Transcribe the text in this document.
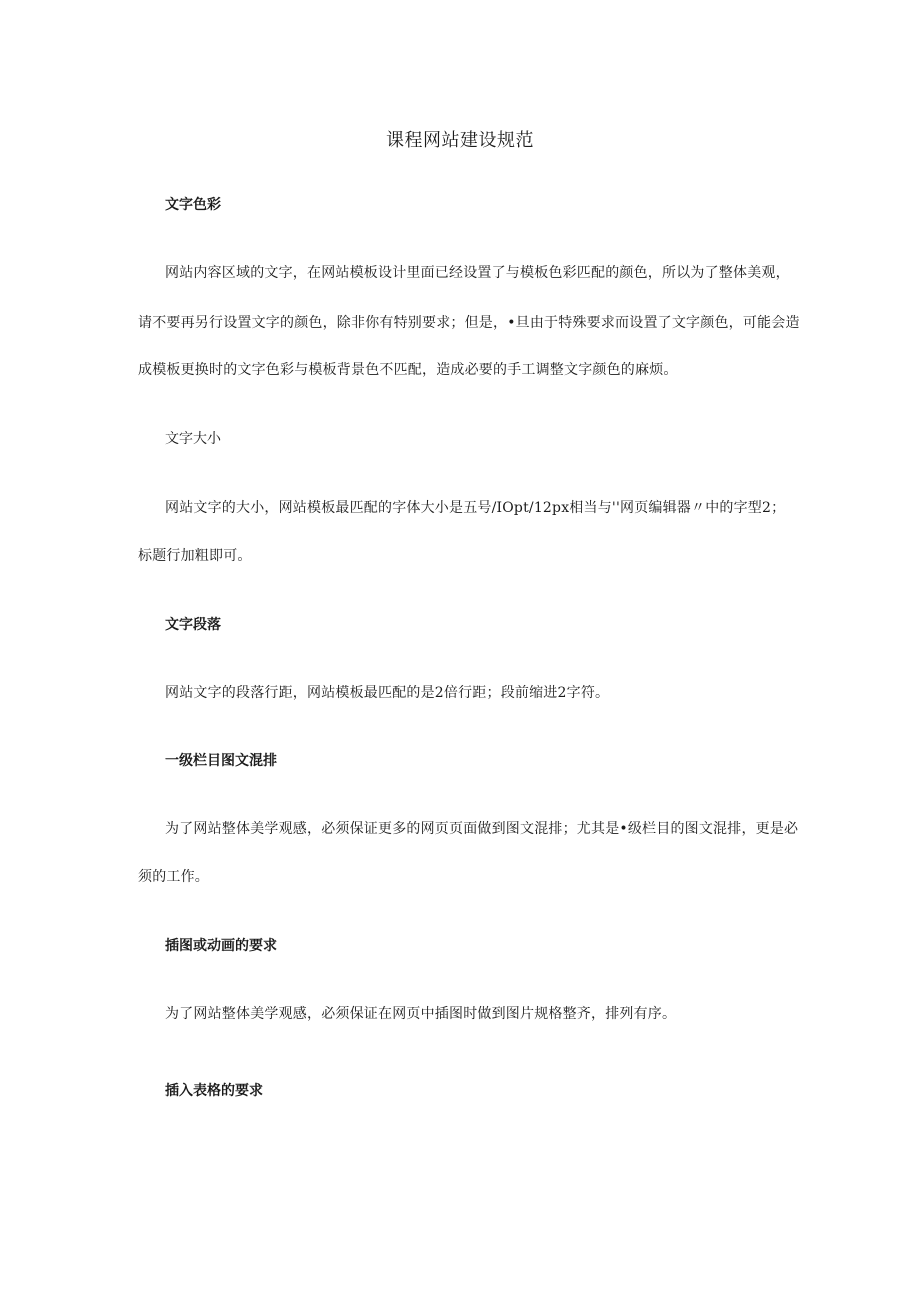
课程网站建设规范
文字色彩
网站内容区域的文字，在网站模板设计里面已经设置了与模板色彩匹配的颜色，所以为了整体美观，
请不要再另行设置文字的颜色，除非你有特别要求；但是，•旦由于特殊要求而设置了文字颜色，可能会造
成模板更换时的文字色彩与模板背景色不匹配，造成必要的手工调整文字颜色的麻烦。
文字大小
网站文字的大小，网站模板最匹配的字体大小是五号/IOpt/12px相当与''网页编辑器〃中的字型2；
标题行加粗即可。
文字段落
网站文字的段落行距，网站模板最匹配的是2倍行距；段前缩进2字符。
一级栏目图文混排
为了网站整体美学观感，必须保证更多的网页页面做到图文混排；尤其是•级栏目的图文混排，更是必
须的工作。
插图或动画的要求
为了网站整体美学观感，必须保证在网页中插图时做到图片规格整齐，排列有序。
插入表格的要求
